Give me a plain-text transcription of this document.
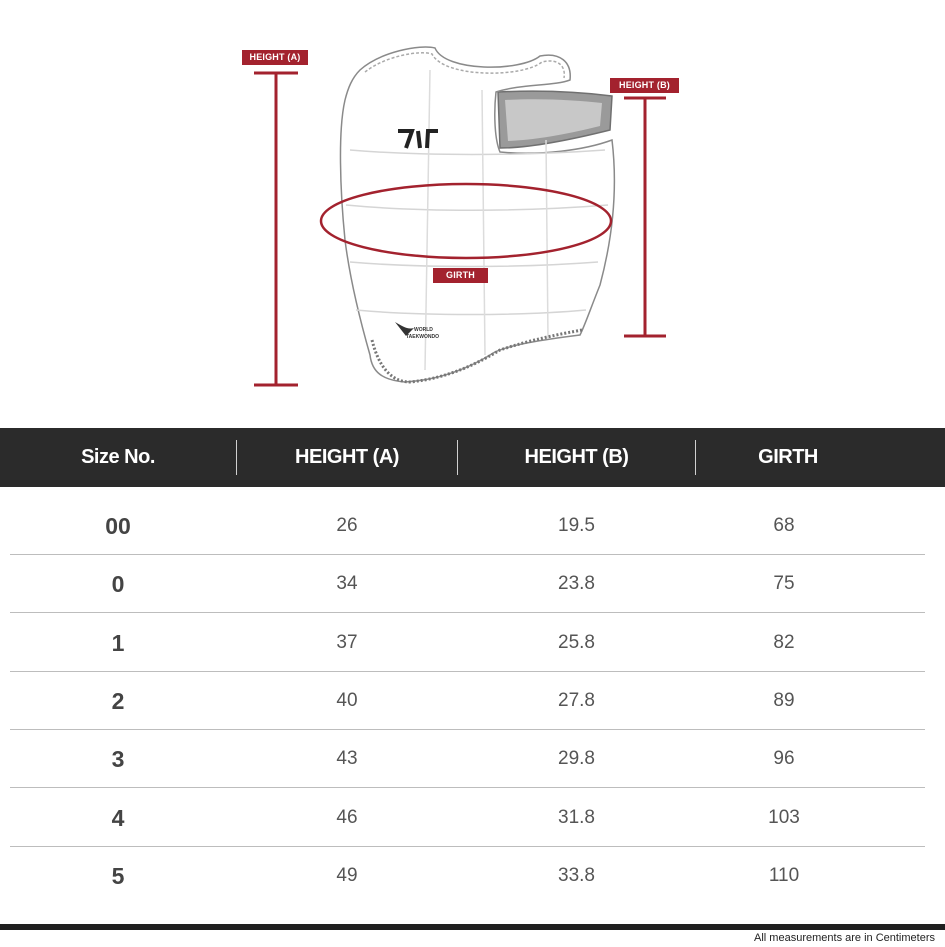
WORLD
TAEKWONDO
HEIGHT (A)
HEIGHT (B)
GIRTH
Size No.	HEIGHT (A)	HEIGHT (B)	GIRTH
00	26	19.5	68
0	34	23.8	75
1	37	25.8	82
2	40	27.8	89
3	43	29.8	96
4	46	31.8	103
5	49	33.8	110
All measurements are in Centimeters
